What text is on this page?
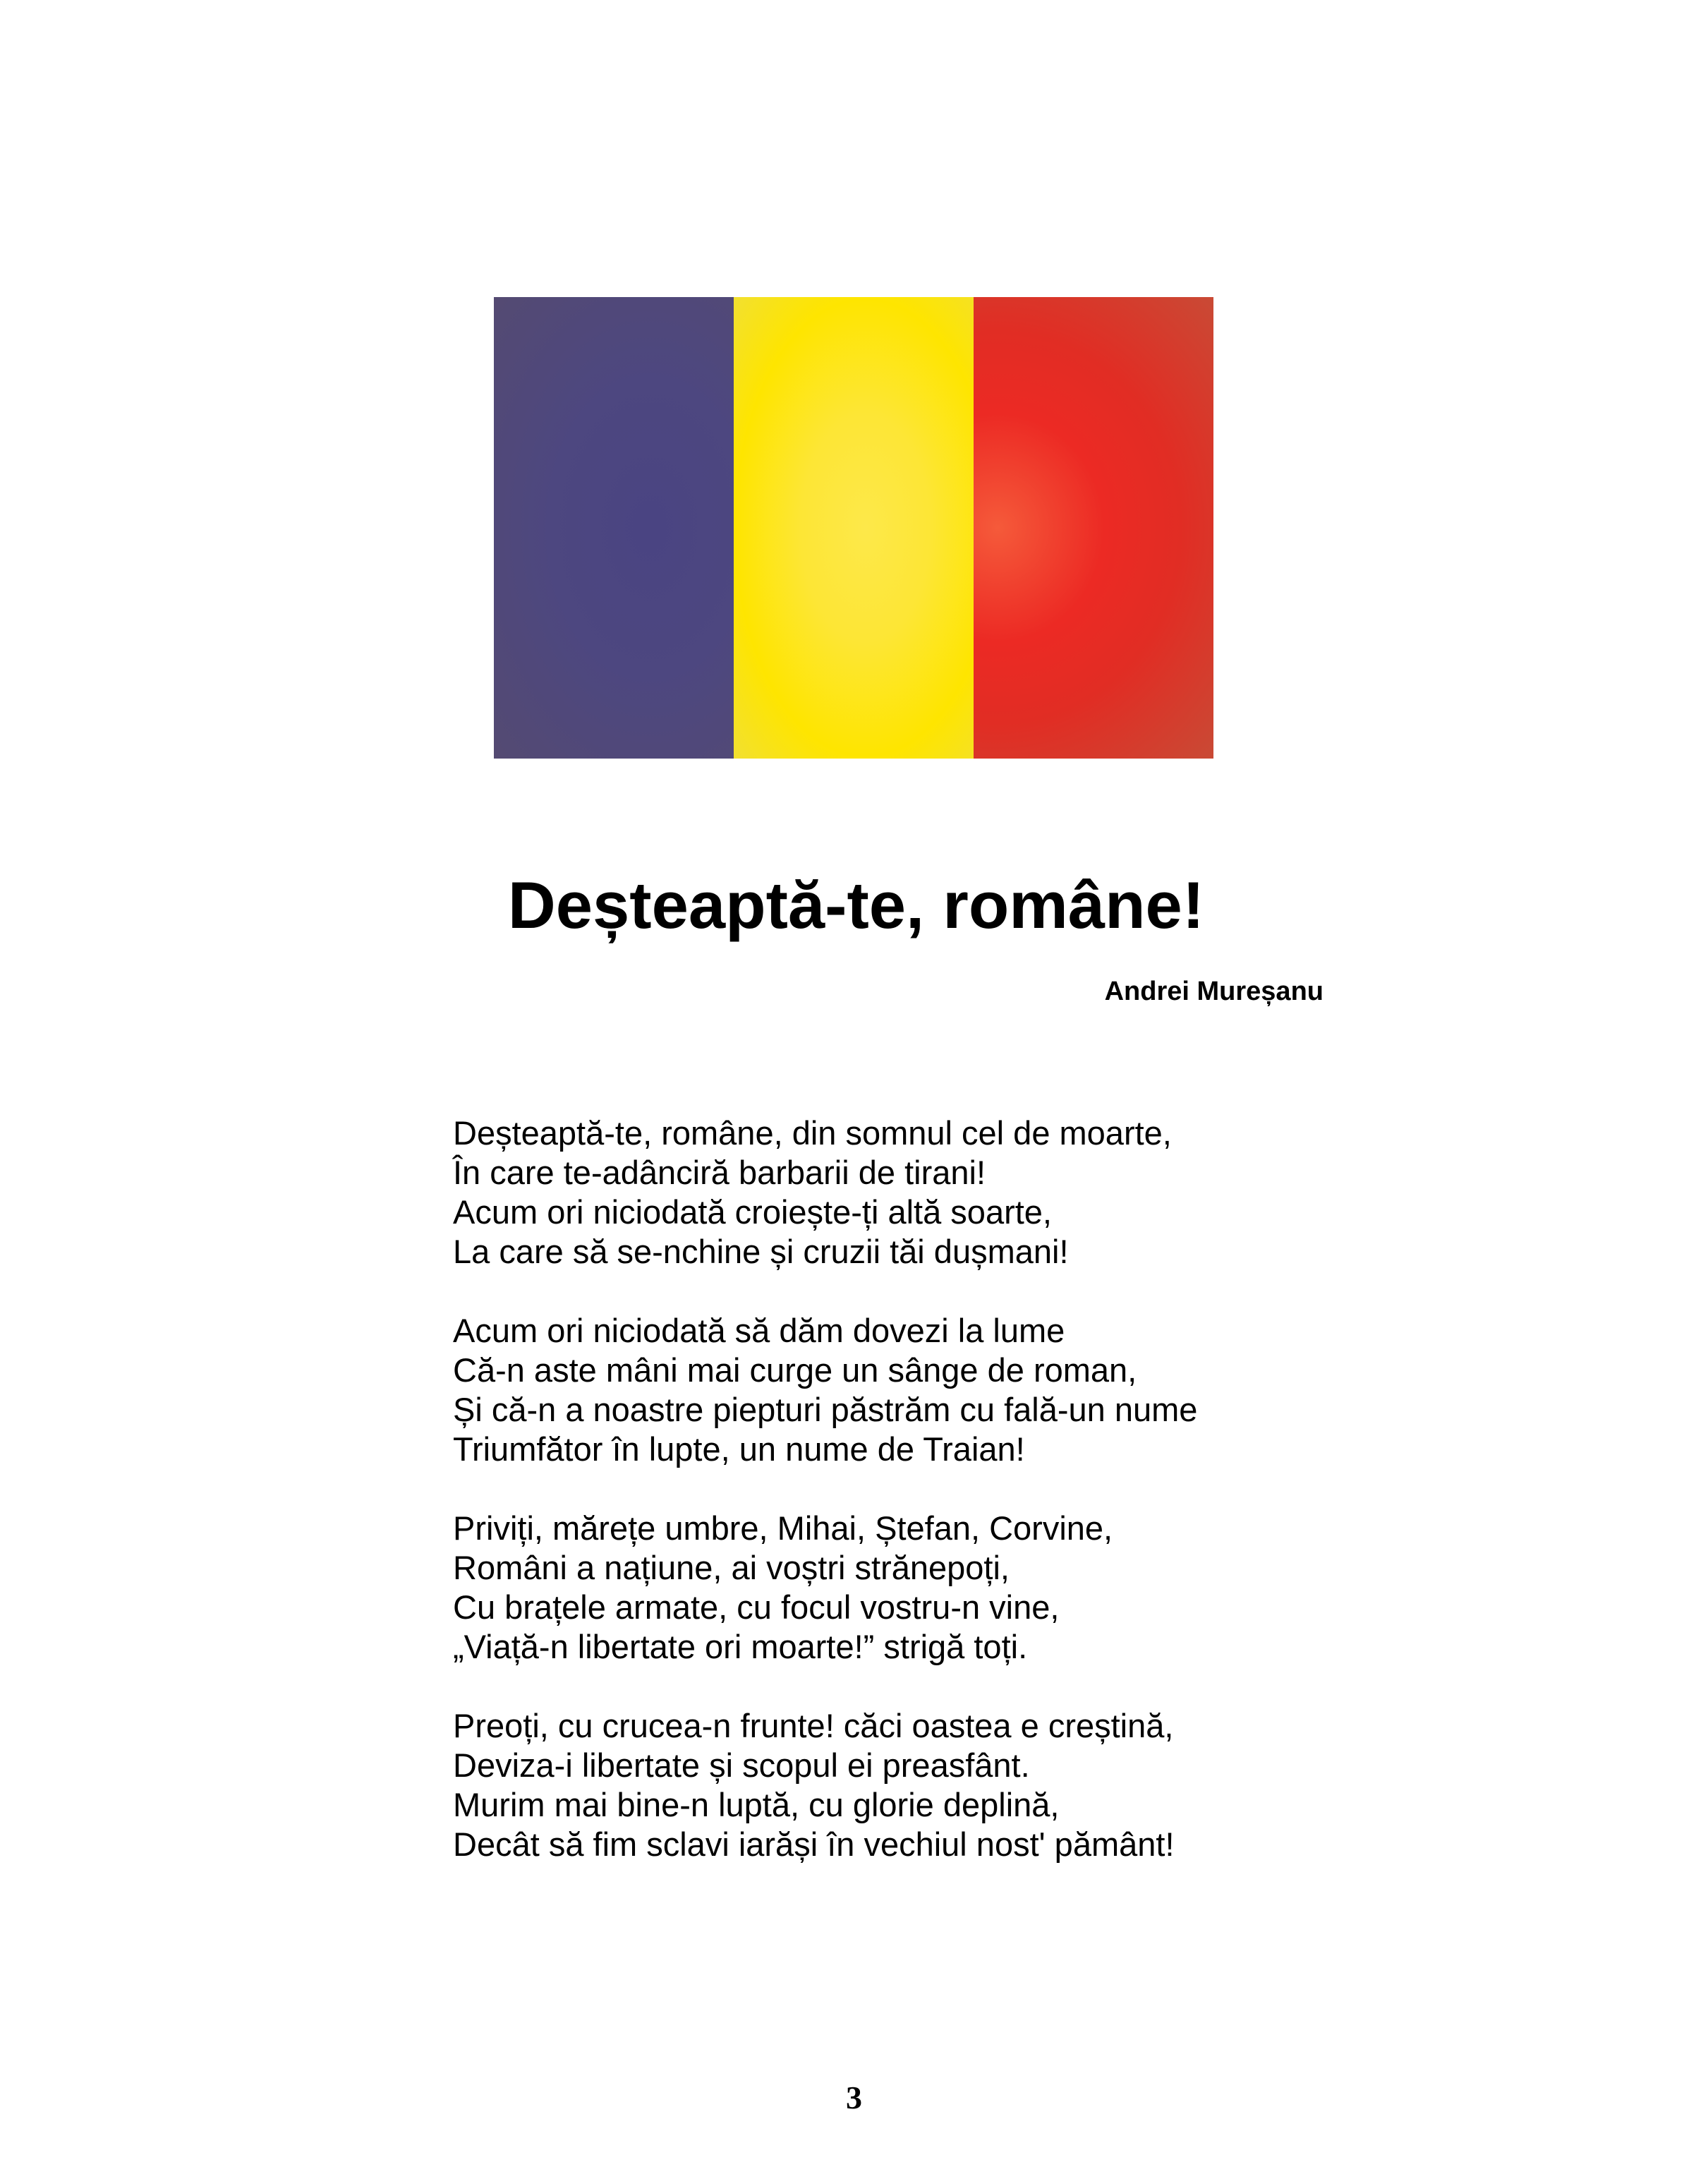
Deșteaptă-te, române!

Andrei Mureșanu

Deșteaptă-te, române, din somnul cel de moarte,
În care te-adânciră barbarii de tirani!
Acum ori niciodată croiește-ți altă soarte,
La care să se-nchine și cruzii tăi dușmani!
Acum ori niciodată să dăm dovezi la lume
Că-n aste mâni mai curge un sânge de roman,
Și că-n a noastre piepturi păstrăm cu fală-un nume
Triumfător în lupte, un nume de Traian!
Priviți, mărețe umbre, Mihai, Ștefan, Corvine,
Români a națiune, ai voștri strănepoți,
Cu brațele armate, cu focul vostru-n vine,
„Viață-n libertate ori moarte!” strigă toți.
Preoți, cu crucea-n frunte! căci oastea e creștină,
Deviza-i libertate și scopul ei preasfânt.
Murim mai bine-n luptă, cu glorie deplină,
Decât să fim sclavi iarăși în vechiul nost' pământ!
3
